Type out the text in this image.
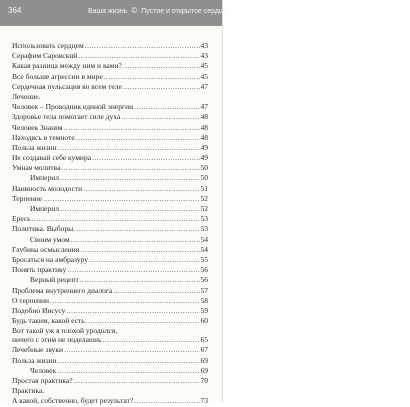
364	Ваша жизнь © Пустое и открытое сердце
Использовать сердцем .....	43
Серафим Саровский .....	43
Какая разница между ним и вами? .....	45
Все больше агрессии в мире .....	45
Сердечная пульсация во всем теле .....	47
Лечение.
Человек – Проводник единой энергии .....	47
Здоровье тела помогает силе духа .....	48
Человек Знания .....	48
Находясь в темноте .....	48
Польза жизни .....	49
Не создавай себе кумира .....	49
Умная молитва .....	50
Империл .....	50
Наивность молодости .....	51
Терпение .....	52
Империл .....	52
Ересь .....	53
Политика. Выборы .....	53
Своим умом .....	54
Глубина осмысления .....	54
Бросаться на амбразуру .....	55
Понять практику .....	56
Верный рецепт .....	56
Проблема внутреннего диалога .....	57
О терпении .....	58
Подобно Иисусу .....	59
Будь таким, какой есть .....	60
Вот такой уж я плохой уродился,
ничего с этим не поделаешь .....	65
Лечебные звуки .....	67
Польза жизни .....	69
Человек .....	69
Простая практика? .....	70
Практика.
А какой, собственно, будет результат? .....	73
